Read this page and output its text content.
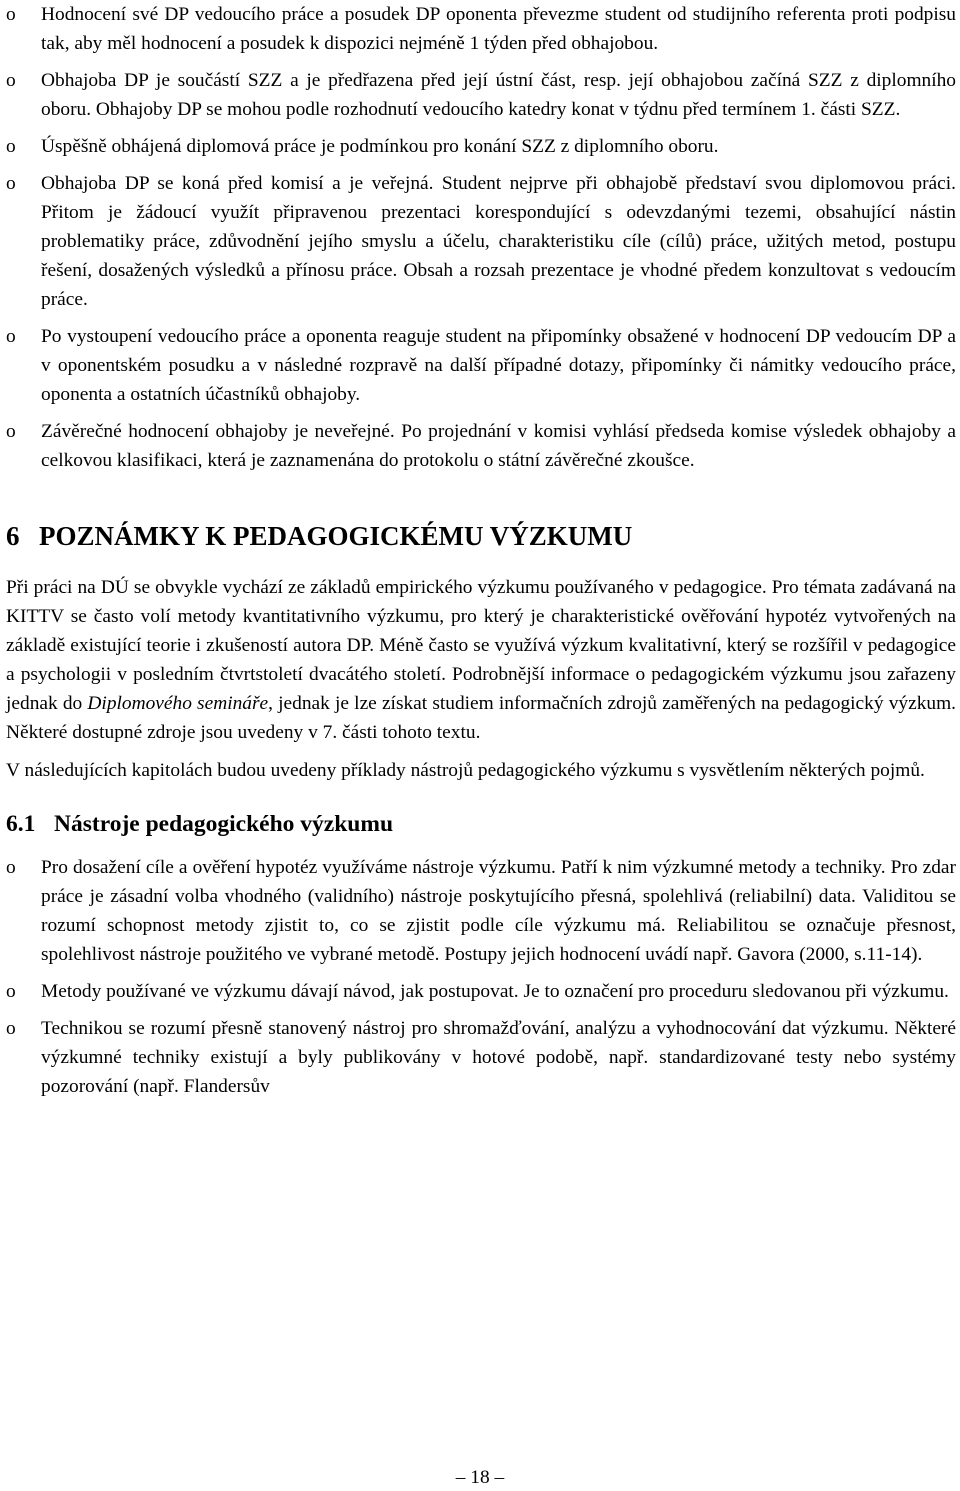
o Hodnocení své DP vedoucího práce a posudek DP oponenta převezme student od studijního referenta proti podpisu tak, aby měl hodnocení a posudek k dispozici nejméně 1 týden před obhajobou.
o Obhajoba DP je součástí SZZ a je předřazena před její ústní část, resp. její obhajobou začíná SZZ z diplomního oboru. Obhajoby DP se mohou podle rozhodnutí vedoucího katedry konat v týdnu před termínem 1. části SZZ.
o Úspěšně obhájená diplomová práce je podmínkou pro konání SZZ z diplomního oboru.
o Obhajoba DP se koná před komisí a je veřejná. Student nejprve při obhajobě představí svou diplomovou práci. Přitom je žádoucí využít připravenou prezentaci korespondující s odevzdanými tezemi, obsahující nástin problematiky práce, zdůvodnění jejího smyslu a účelu, charakteristiku cíle (cílů) práce, užitých metod, postupu řešení, dosažených výsledků a přínosu práce. Obsah a rozsah prezentace je vhodné předem konzultovat s vedoucím práce.
o Po vystoupení vedoucího práce a oponenta reaguje student na připomínky obsažené v hodnocení DP vedoucím DP a v oponentském posudku a v následné rozpravě na další případné dotazy, připomínky či námitky vedoucího práce, oponenta a ostatních účastníků obhajoby.
o Závěrečné hodnocení obhajoby je neveřejné. Po projednání v komisi vyhlásí předseda komise výsledek obhajoby a celkovou klasifikaci, která je zaznamenána do protokolu o státní závěrečné zkoušce.
6 POZNÁMKY K PEDAGOGICKÉMU VÝZKUMU

Při práci na DÚ se obvykle vychází ze základů empirického výzkumu používaného v pedagogice. Pro témata zadávaná na KITTV se často volí metody kvantitativního výzkumu, pro který je charakteristické ověřování hypotéz vytvořených na základě existující teorie i zkušeností autora DP. Méně často se využívá výzkum kvalitativní, který se rozšířil v pedagogice a psychologii v posledním čtvrtstoletí dvacátého století. Podrobnější informace o pedagogickém výzkumu jsou zařazeny jednak do Diplomového semináře, jednak je lze získat studiem informačních zdrojů zaměřených na pedagogický výzkum. Některé dostupné zdroje jsou uvedeny v 7. části tohoto textu.

V následujících kapitolách budou uvedeny příklady nástrojů pedagogického výzkumu s vysvětlením některých pojmů.

6.1 Nástroje pedagogického výzkumu
o Pro dosažení cíle a ověření hypotéz využíváme nástroje výzkumu. Patří k nim výzkumné metody a techniky. Pro zdar práce je zásadní volba vhodného (validního) nástroje poskytujícího přesná, spolehlivá (reliabilní) data. Validitou se rozumí schopnost metody zjistit to, co se zjistit podle cíle výzkumu má. Reliabilitou se označuje přesnost, spolehlivost nástroje použitého ve vybrané metodě. Postupy jejich hodnocení uvádí např. Gavora (2000, s.11-14).
o Metody používané ve výzkumu dávají návod, jak postupovat. Je to označení pro proceduru sledovanou při výzkumu.
o Technikou se rozumí přesně stanovený nástroj pro shromažďování, analýzu a vyhodnocování dat výzkumu. Některé výzkumné techniky existují a byly publikovány v hotové podobě, např. standardizované testy nebo systémy pozorování (např. Flandersův
– 18 –
